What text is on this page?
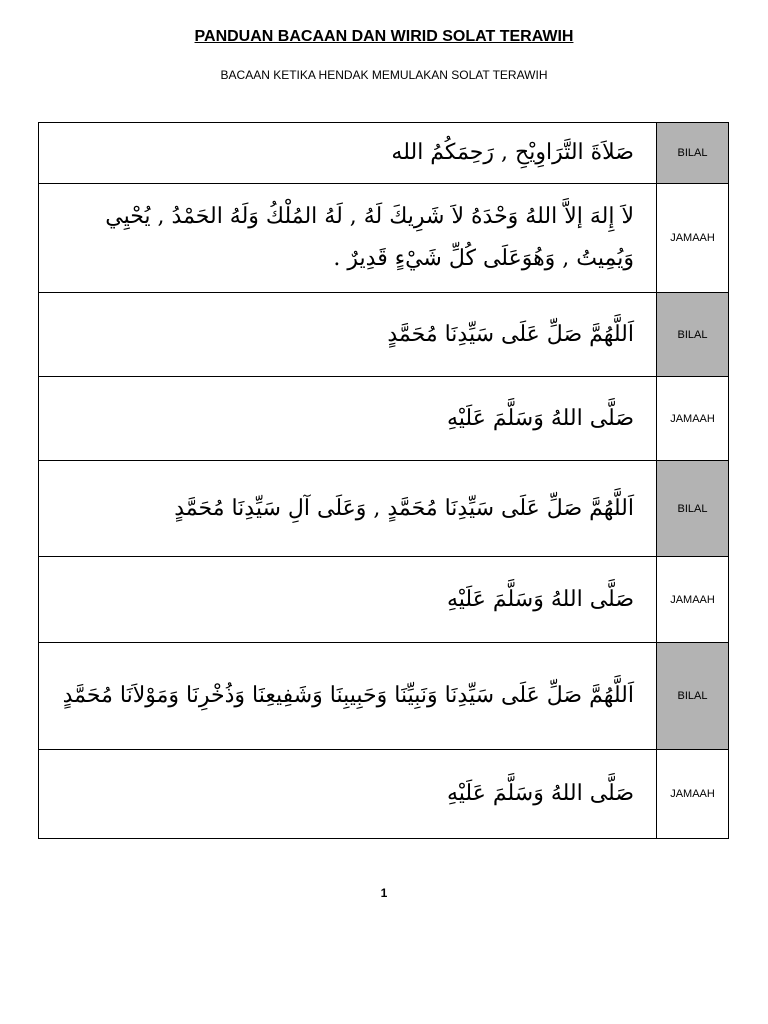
PANDUAN BACAAN DAN WIRID SOLAT TERAWIH
BACAAN KETIKA HENDAK MEMULAKAN SOLAT TERAWIH
صَلاَةَ التَّرَاوِيْحِ , رَحِمَكُمُ الله	BILAL
لاَ إِلهَ إلاَّ اللهُ وَحْدَهُ لاَ شَرِيكَ لَهُ , لَهُ المُلْكُ وَلَهُ الحَمْدُ , يُحْيِي وَيُمِيتُ , وَهُوَعَلَى كُلِّ شَيْءٍ قَدِيرٌ .	JAMAAH
اَللَّهُمَّ صَلِّ عَلَى سَيِّدِنَا مُحَمَّدٍ	BILAL
صَلَّى اللهُ وَسَلَّمَ عَلَيْهِ	JAMAAH
اَللَّهُمَّ صَلِّ عَلَى سَيِّدِنَا مُحَمَّدٍ , وَعَلَى آلِ سَيِّدِنَا مُحَمَّدٍ	BILAL
صَلَّى اللهُ وَسَلَّمَ عَلَيْهِ	JAMAAH
اَللَّهُمَّ صَلِّ عَلَى سَيِّدِنَا وَنَبِيِّنَا وَحَبِيبِنَا وَشَفِيعِنَا وَذُخْرِنَا وَمَوْلاَنَا مُحَمَّدٍ	BILAL
صَلَّى اللهُ وَسَلَّمَ عَلَيْهِ	JAMAAH
1
